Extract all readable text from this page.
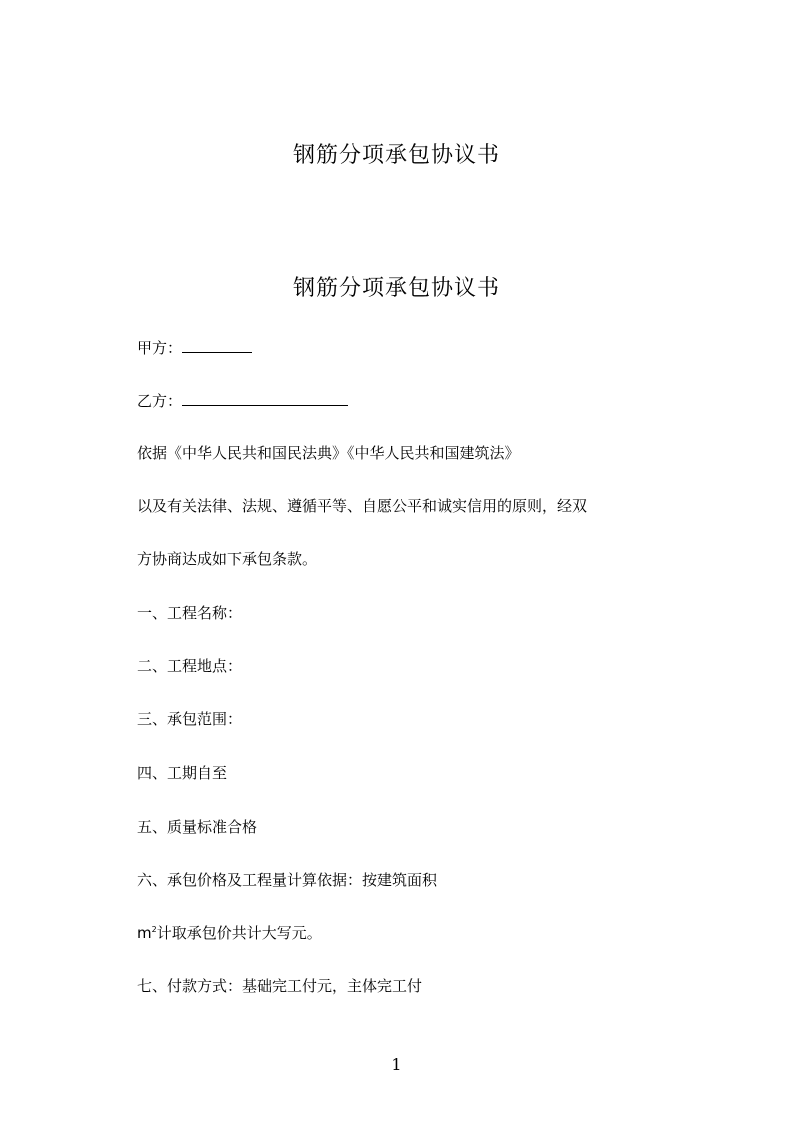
钢筋分项承包协议书
钢筋分项承包协议书
甲方：
乙方：
依据《中华人民共和国民法典》《中华人民共和国建筑法》
以及有关法律、法规、遵循平等、自愿公平和诚实信用的原则，经双
方协商达成如下承包条款。
一、工程名称：
二、工程地点：
三、承包范围：
四、工期自至
五、质量标准合格
六、承包价格及工程量计算依据：按建筑面积
$m^2$计取承包价共计大写元。
七、付款方式：基础完工付元，主体完工付
1
